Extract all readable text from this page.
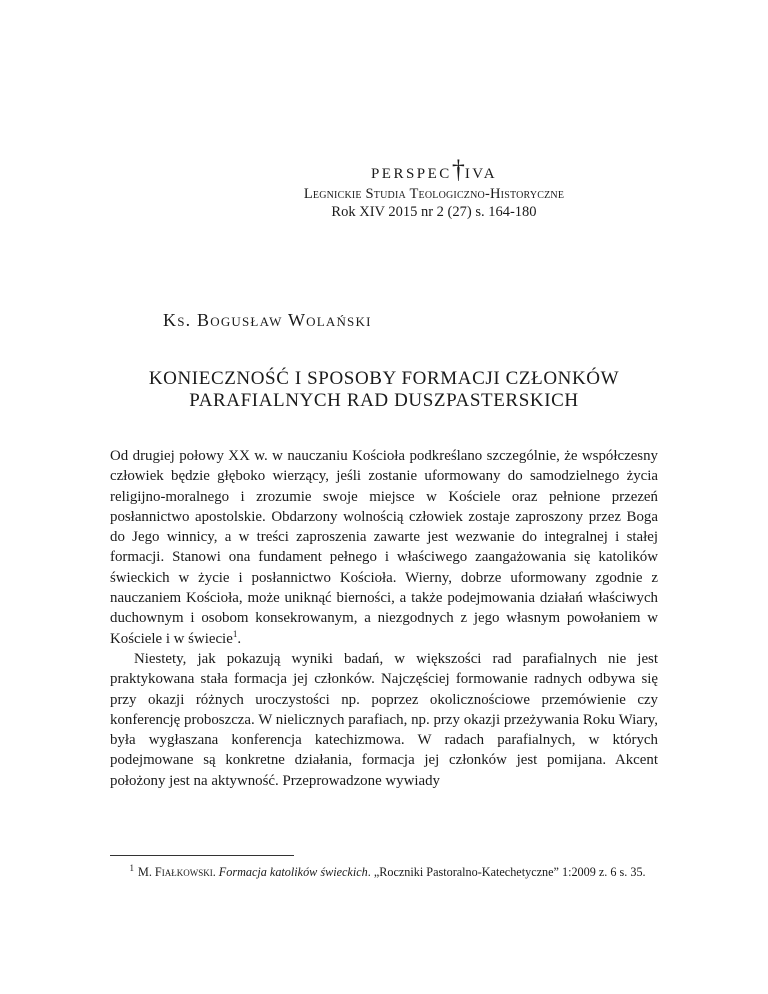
perspec†iva
Legnickie Studia Teologiczno-Historyczne
Rok XIV 2015 nr 2 (27) s. 164-180
Ks. Bogusław Wolański
KONIECZNOŚĆ I SPOSOBY FORMACJI CZŁONKÓW
PARAFIALNYCH RAD DUSZPASTERSKICH

Od drugiej połowy XX w. w nauczaniu Kościoła podkreślano szczególnie, że współczesny człowiek będzie głęboko wierzący, jeśli zostanie uformowany do samodzielnego życia religijno-moralnego i zrozumie swoje miejsce w Kościele oraz pełnione przezeń posłannictwo apostolskie. Obdarzony wolnością człowiek zostaje zaproszony przez Boga do Jego winnicy, a w treści zaproszenia zawarte jest wezwanie do integralnej i stałej formacji. Stanowi ona fundament pełnego i właściwego zaangażowania się katolików świeckich w życie i posłannictwo Kościoła. Wierny, dobrze uformowany zgodnie z nauczaniem Kościoła, może uniknąć bierności, a także podejmowania działań właściwych duchownym i osobom konsekrowanym, a niezgodnych z jego własnym powołaniem w Kościele i w świecie$^1$.

Niestety, jak pokazują wyniki badań, w większości rad parafialnych nie jest praktykowana stała formacja jej członków. Najczęściej formowanie radnych odbywa się przy okazji różnych uroczystości np. poprzez okolicznościowe przemówienie czy konferencję proboszcza. W nielicznych parafiach, np. przy okazji przeżywania Roku Wiary, była wygłaszana konferencja katechizmowa. W radach parafialnych, w których podejmowane są konkretne działania, formacja jej członków jest pomijana. Akcent położony jest na aktywność. Przeprowadzone wywiady

1 M. Fiałkowski. Formacja katolików świeckich. „Roczniki Pastoralno-Katechetyczne” 1:2009 z. 6 s. 35.
